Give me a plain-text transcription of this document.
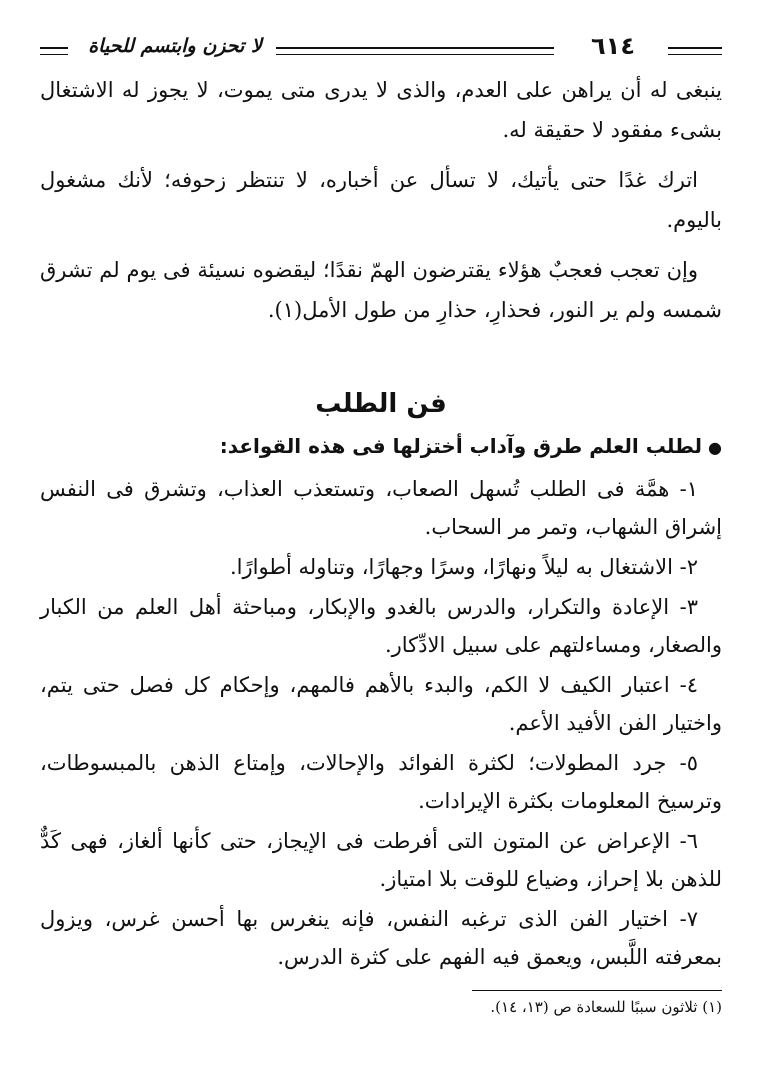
لا تحزن وابتسم للحياة	٦١٤

ينبغى له أن يراهن على العدم، والذى لا يدرى متى يموت، لا يجوز له الاشتغال بشىء مفقود لا حقيقة له.

اترك غدًا حتى يأتيك، لا تسأل عن أخباره، لا تنتظر زحوفه؛ لأنك مشغول باليوم.

وإن تعجب فعجبٌ هؤلاء يقترضون الهمّ نقدًا؛ ليقضوه نسيئة فى يوم لم تشرق شمسه ولم ير النور، فحذارِ، حذارِ من طول الأمل(١).

فن الطلب
●لطلب العلم طرق وآداب أختزلها فى هذه القواعد:

١- همَّة فى الطلب تُسهل الصعاب، وتستعذب العذاب، وتشرق فى النفس إشراق الشهاب، وتمر مر السحاب.

٢- الاشتغال به ليلاً ونهارًا، وسرًا وجهارًا، وتناوله أطوارًا.

٣- الإعادة والتكرار، والدرس بالغدو والإبكار، ومباحثة أهل العلم من الكبار والصغار، ومساءلتهم على سبيل الادِّكار.

٤- اعتبار الكيف لا الكم، والبدء بالأهم فالمهم، وإحكام كل فصل حتى يتم، واختيار الفن الأفيد الأعم.

٥- جرد المطولات؛ لكثرة الفوائد والإحالات، وإمتاع الذهن بالمبسوطات، وترسيخ المعلومات بكثرة الإيرادات.

٦- الإعراض عن المتون التى أفرطت فى الإيجاز، حتى كأنها ألغاز، فهى كَدٌّ للذهن بلا إحراز، وضياع للوقت بلا امتياز.

٧- اختيار الفن الذى ترغبه النفس، فإنه ينغرس بها أحسن غرس، ويزول بمعرفته اللَّبس، ويعمق فيه الفهم على كثرة الدرس.

(١) ثلاثون سببًا للسعادة ص (١٣، ١٤).
